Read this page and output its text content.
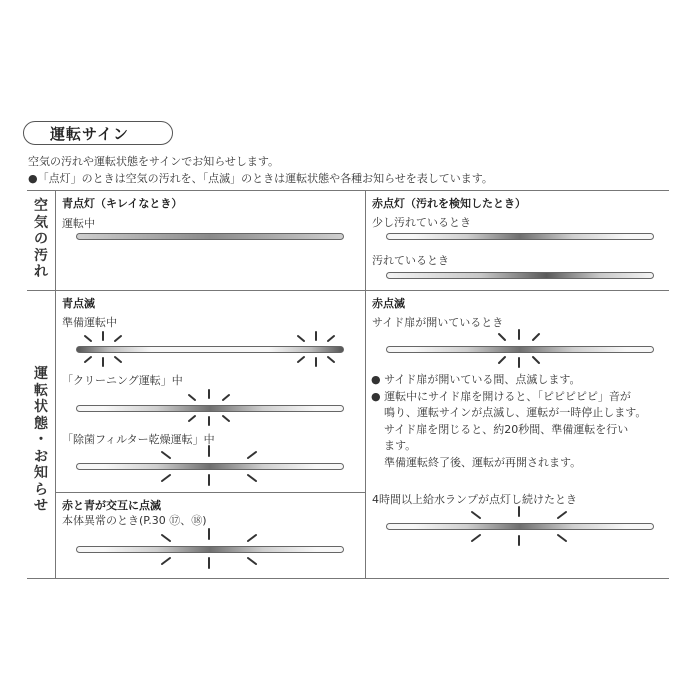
運転サイン
空気の汚れや運転状態をサインでお知らせします。
●「点灯」のときは空気の汚れを、「点滅」のときは運転状態や各種お知らせを表しています。
空
気
の
汚
れ
運
転
状
態
・
お
知
ら
せ
青点灯（キレイなとき）
運転中
赤点灯（汚れを検知したとき）
少し汚れているとき
汚れているとき
青点滅
準備運転中
「クリーニング運転」中
「除菌フィルター乾燥運転」中
赤と青が交互に点滅
本体異常のとき(P.30 ⑰、⑱)
赤点滅
サイド扉が開いているとき
● サイド扉が開いている間、点滅します。
● 運転中にサイド扉を開けると、「ピピピピピ」音が
鳴り、運転サインが点滅し、運転が一時停止します。
サイド扉を閉じると、約20秒間、準備運転を行い
ます。
準備運転終了後、運転が再開されます。
4時間以上給水ランプが点灯し続けたとき
